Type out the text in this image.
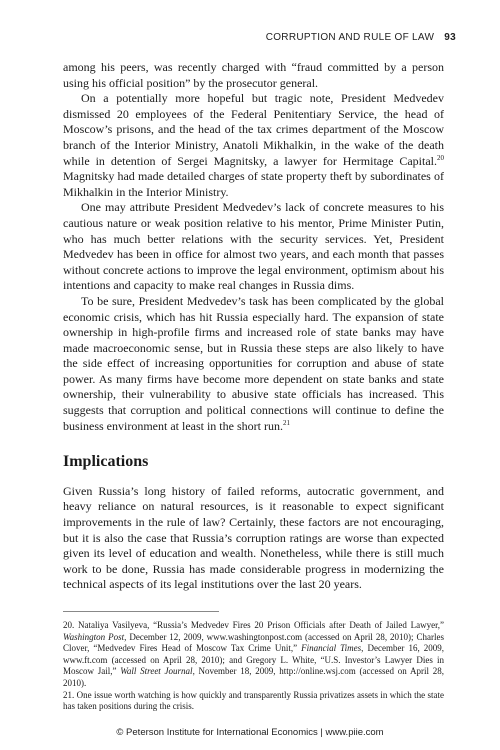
CORRUPTION AND RULE OF LAW 93

among his peers, was recently charged with “fraud committed by a person using his official position” by the prosecutor general.

On a potentially more hopeful but tragic note, President Medvedev dismissed 20 employees of the Federal Penitentiary Service, the head of Moscow’s prisons, and the head of the tax crimes department of the Moscow branch of the Interior Ministry, Anatoli Mikhalkin, in the wake of the death while in detention of Sergei Magnitsky, a lawyer for Hermitage Capital.$^{20}$ Magnitsky had made detailed charges of state property theft by subordinates of Mikhalkin in the Interior Ministry.

One may attribute President Medvedev’s lack of concrete measures to his cautious nature or weak position relative to his mentor, Prime Minister Putin, who has much better relations with the security services. Yet, President Medvedev has been in office for almost two years, and each month that passes without concrete actions to improve the legal environment, optimism about his intentions and capacity to make real changes in Russia dims.

To be sure, President Medvedev’s task has been complicated by the global economic crisis, which has hit Russia especially hard. The expansion of state ownership in high-profile firms and increased role of state banks may have made macroeconomic sense, but in Russia these steps are also likely to have the side effect of increasing opportunities for corruption and abuse of state power. As many firms have become more dependent on state banks and state ownership, their vulnerability to abusive state officials has increased. This suggests that corruption and political connections will continue to define the business environment at least in the short run.$^{21}$

Implications

Given Russia’s long history of failed reforms, autocratic government, and heavy reliance on natural resources, is it reasonable to expect significant improvements in the rule of law? Certainly, these factors are not encouraging, but it is also the case that Russia’s corruption ratings are worse than expected given its level of education and wealth. Nonetheless, while there is still much work to be done, Russia has made considerable progress in modernizing the technical aspects of its legal institutions over the last 20 years.

20. Nataliya Vasilyeva, “Russia’s Medvedev Fires 20 Prison Officials after Death of Jailed Lawyer,” Washington Post, December 12, 2009, www.washingtonpost.com (accessed on April 28, 2010); Charles Clover, “Medvedev Fires Head of Moscow Tax Crime Unit,” Financial Times, December 16, 2009, www.ft.com (accessed on April 28, 2010); and Gregory L. White, “U.S. Investor’s Lawyer Dies in Moscow Jail,” Wall Street Journal, November 18, 2009, http://online.wsj.com (accessed on April 28, 2010).

21. One issue worth watching is how quickly and transparently Russia privatizes assets in which the state has taken positions during the crisis.

© Peterson Institute for International Economics | www.piie.com
